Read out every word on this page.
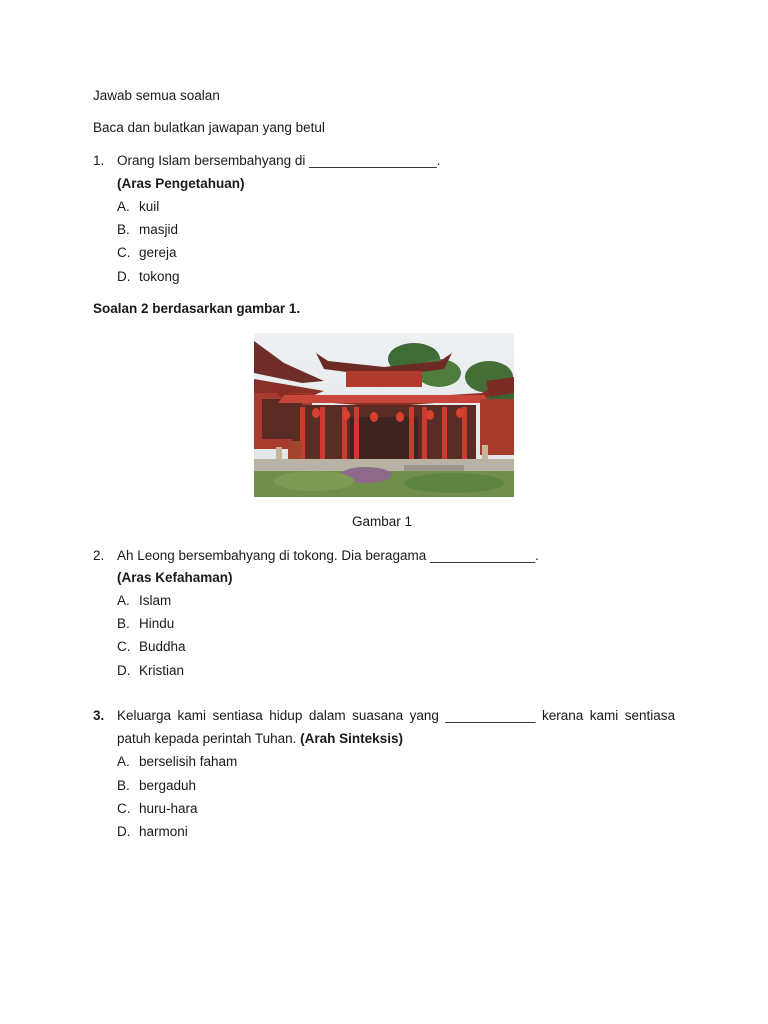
Jawab semua soalan
Baca dan bulatkan jawapan yang betul
1. Orang Islam bersembahyang di _________________.
(Aras Pengetahuan)
A. kuil
B. masjid
C. gereja
D. tokong
Soalan 2 berdasarkan gambar 1.
Gambar 1
2. Ah Leong bersembahyang di tokong. Dia beragama ______________.
(Aras Kefahaman)
A. Islam
B. Hindu
C. Buddha
D. Kristian
3. Keluarga kami sentiasa hidup dalam suasana yang ____________ kerana kami sentiasa
patuh kepada perintah Tuhan. (Arah Sinteksis)
A. berselisih faham
B. bergaduh
C. huru-hara
D. harmoni
